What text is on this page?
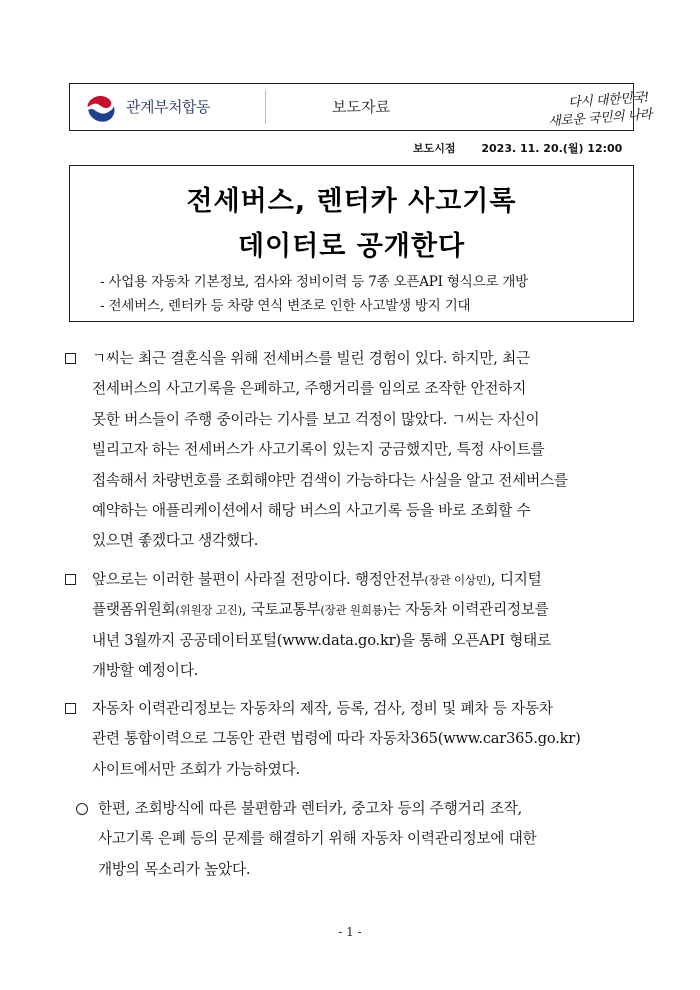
관계부처합동	보도자료	다시 대한민국!
새로운 국민의 나라
보도시점 2023. 11. 20.(월) 12:00
전세버스, 렌터카 사고기록
데이터로 공개한다
- 사업용 자동차 기본정보, 검사와 정비이력 등 7종 오픈API 형식으로 개방
- 전세버스, 렌터카 등 차량 연식 변조로 인한 사고발생 방지 기대
ㄱ씨는 최근 결혼식을 위해 전세버스를 빌린 경험이 있다. 하지만, 최근
전세버스의 사고기록을 은폐하고, 주행거리를 임의로 조작한 안전하지
못한 버스들이 주행 중이라는 기사를 보고 걱정이 많았다. ㄱ씨는 자신이
빌리고자 하는 전세버스가 사고기록이 있는지 궁금했지만, 특정 사이트를
접속해서 차량번호를 조회해야만 검색이 가능하다는 사실을 알고 전세버스를
예약하는 애플리케이션에서 해당 버스의 사고기록 등을 바로 조회할 수
있으면 좋겠다고 생각했다.
앞으로는 이러한 불편이 사라질 전망이다. 행정안전부(장관 이상민), 디지털
플랫폼위원회(위원장 고진), 국토교통부(장관 원희룡)는 자동차 이력관리정보를
내년 3월까지 공공데이터포털(www.data.go.kr)을 통해 오픈API 형태로
개방할 예정이다.
자동차 이력관리정보는 자동차의 제작, 등록, 검사, 정비 및 폐차 등 자동차
관련 통합이력으로 그동안 관련 법령에 따라 자동차365(www.car365.go.kr)
사이트에서만 조회가 가능하였다.
한편, 조회방식에 따른 불편함과 렌터카, 중고차 등의 주행거리 조작,
사고기록 은폐 등의 문제를 해결하기 위해 자동차 이력관리정보에 대한
개방의 목소리가 높았다.
- 1 -
